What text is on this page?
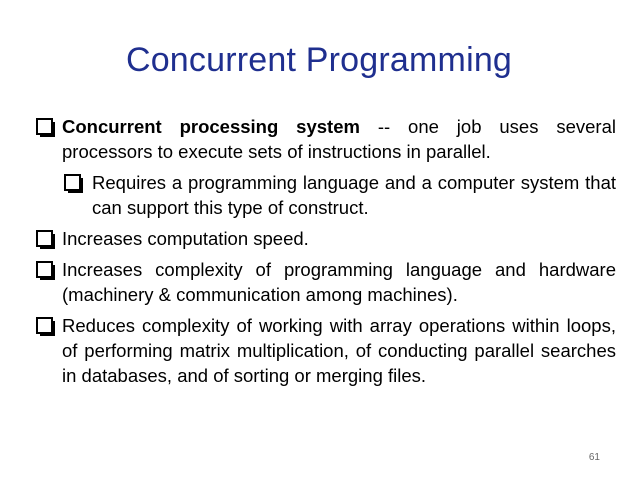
Concurrent Programming
Concurrent processing system -- one job uses several processors to execute sets of instructions in parallel.
Requires a programming language and a computer system that can support this type of construct.
Increases computation speed.
Increases complexity of programming language and hardware (machinery & communication among machines).
Reduces complexity of working with array operations within loops, of performing matrix multiplication, of conducting parallel searches in databases, and of sorting or merging files.
61
